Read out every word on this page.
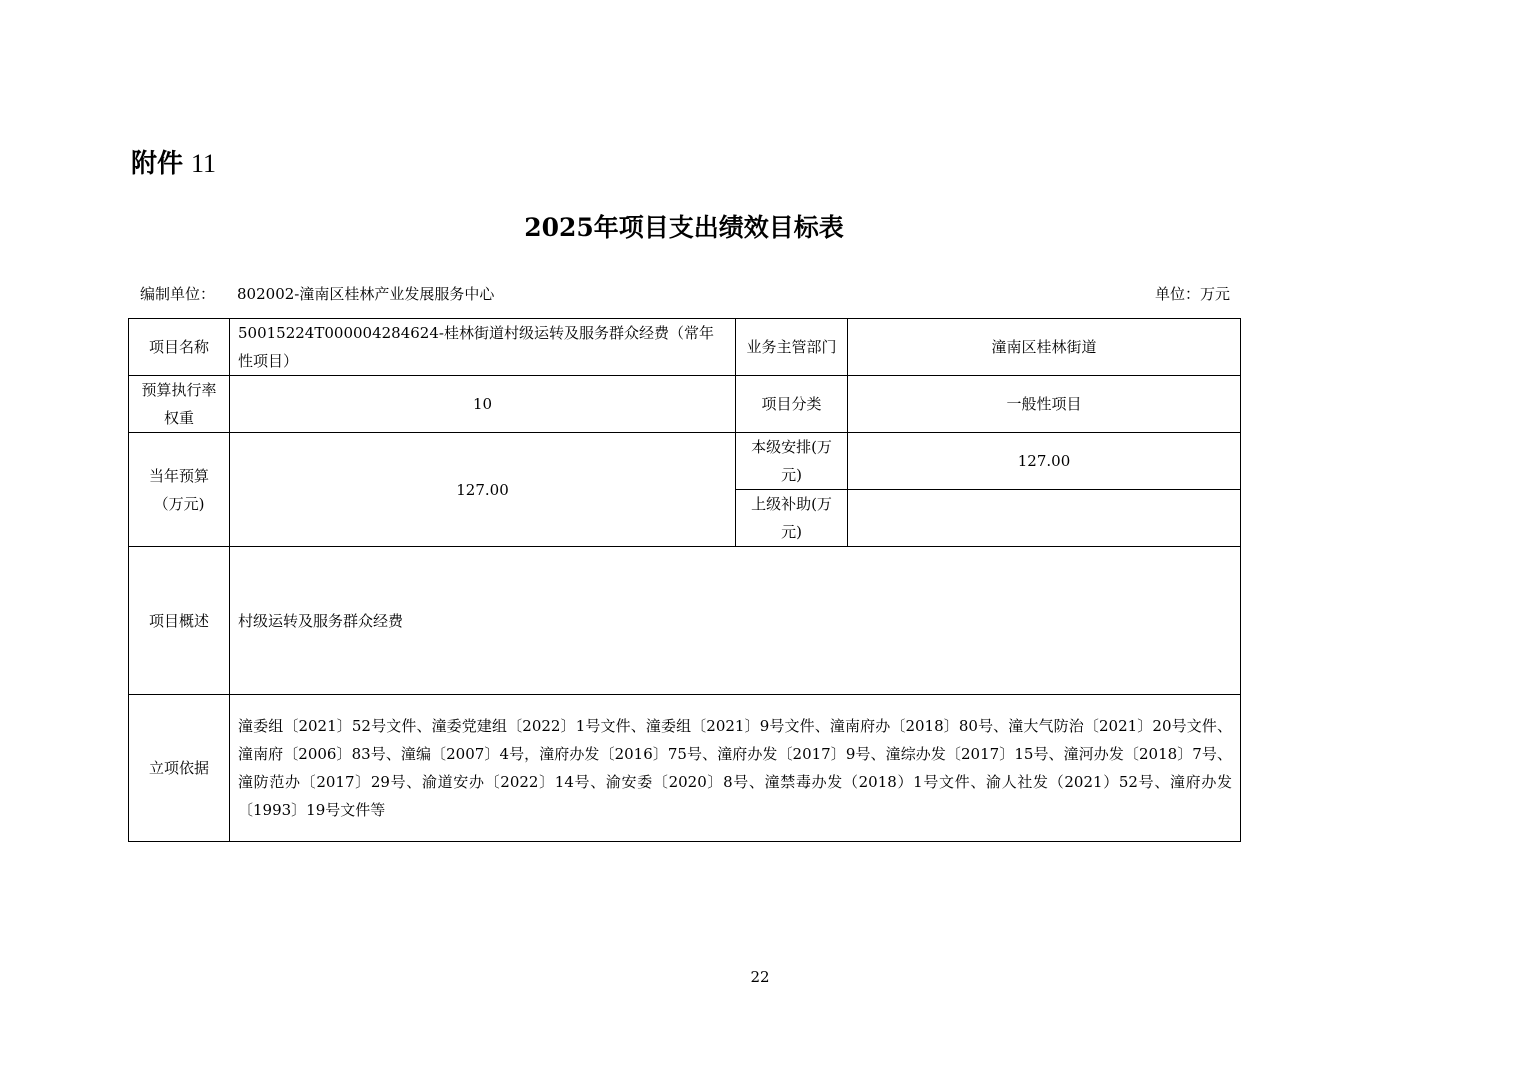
附件 11
2025年项目支出绩效目标表
编制单位： 802002-潼南区桂林产业发展服务中心	单位：万元
项目名称	50015224T000004284624-桂林街道村级运转及服务群众经费（常年性项目）	业务主管部门	潼南区桂林街道
预算执行率权重	10	项目分类	一般性项目
当年预算（万元)	127.00	本级安排(万元)	127.00
		上级补助(万元)	
项目概述	村级运转及服务群众经费		
立项依据	潼委组〔2021〕52号文件、潼委党建组〔2022〕1号文件、潼委组〔2021〕9号文件、潼南府办〔2018〕80号、潼大气防治〔2021〕20号文件、潼南府〔2006〕83号、潼编〔2007〕4号，潼府办发〔2016〕75号、潼府办发〔2017〕9号、潼综办发〔2017〕15号、潼河办发〔2018〕7号、潼防范办〔2017〕29号、渝道安办〔2022〕14号、渝安委〔2020〕8号、潼禁毒办发（2018）1号文件、渝人社发（2021）52号、潼府办发〔1993〕19号文件等		
22
